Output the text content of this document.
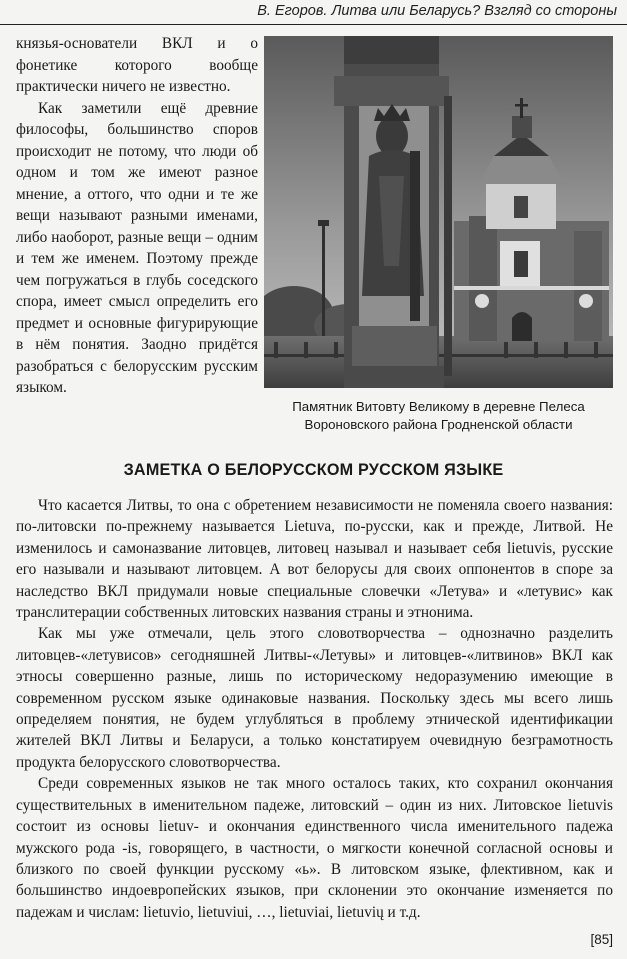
В. Егоров. Литва или Беларусь? Взгляд со стороны

князья-основатели ВКЛ и о фонетике которого вообще практически ничего не известно.

Как заметили ещё древние философы, большинство споров происходит не потому, что люди об одном и том же имеют разное мнение, а оттого, что одни и те же вещи называют разными именами, либо наоборот, разные вещи – одним и тем же именем. Поэтому прежде чем погружаться в глубь соседского спора, имеет смысл определить его предмет и основные фигурирующие в нём понятия. Заодно придётся разобраться с белорусским русским языком.

Памятник Витовту Великому в деревне Пелеса Вороновского района Гродненской области
ЗАМЕТКА О БЕЛОРУССКОМ РУССКОМ ЯЗЫКЕ

Что касается Литвы, то она с обретением независимости не поменяла своего названия: по-литовски по-прежнему называется Lietuva, по-русски, как и прежде, Литвой. Не изменилось и самоназвание литовцев, литовец называл и называет себя lietuvis, русские его называли и называют литовцем. А вот белорусы для своих оппонентов в споре за наследство ВКЛ придумали новые специальные словечки «Летува» и «летувис» как транслитерации собственных литовских названия страны и этнонима.

Как мы уже отмечали, цель этого словотворчества – однозначно разделить литовцев-«летувисов» сегодняшней Литвы-«Летувы» и литовцев-«литвинов» ВКЛ как этносы совершенно разные, лишь по историческому недоразумению имеющие в современном русском языке одинаковые названия. Поскольку здесь мы всего лишь определяем понятия, не будем углубляться в проблему этнической идентификации жителей ВКЛ Литвы и Беларуси, а только констатируем очевидную безграмотность продукта белорусского словотворчества.

Среди современных языков не так много осталось таких, кто сохранил окончания существительных в именительном падеже, литовский – один из них. Литовское lietuvis состоит из основы lietuv- и окончания единственного числа именительного падежа мужского рода -is, говорящего, в частности, о мягкости конечной согласной основы и близкого по своей функции русскому «ь». В литовском языке, флективном, как и большинство индоевропейских языков, при склонении это окончание изменяется по падежам и числам: lietuvio, lietuviui, …, lietuviai, lietuvių и т.д.

[85]
